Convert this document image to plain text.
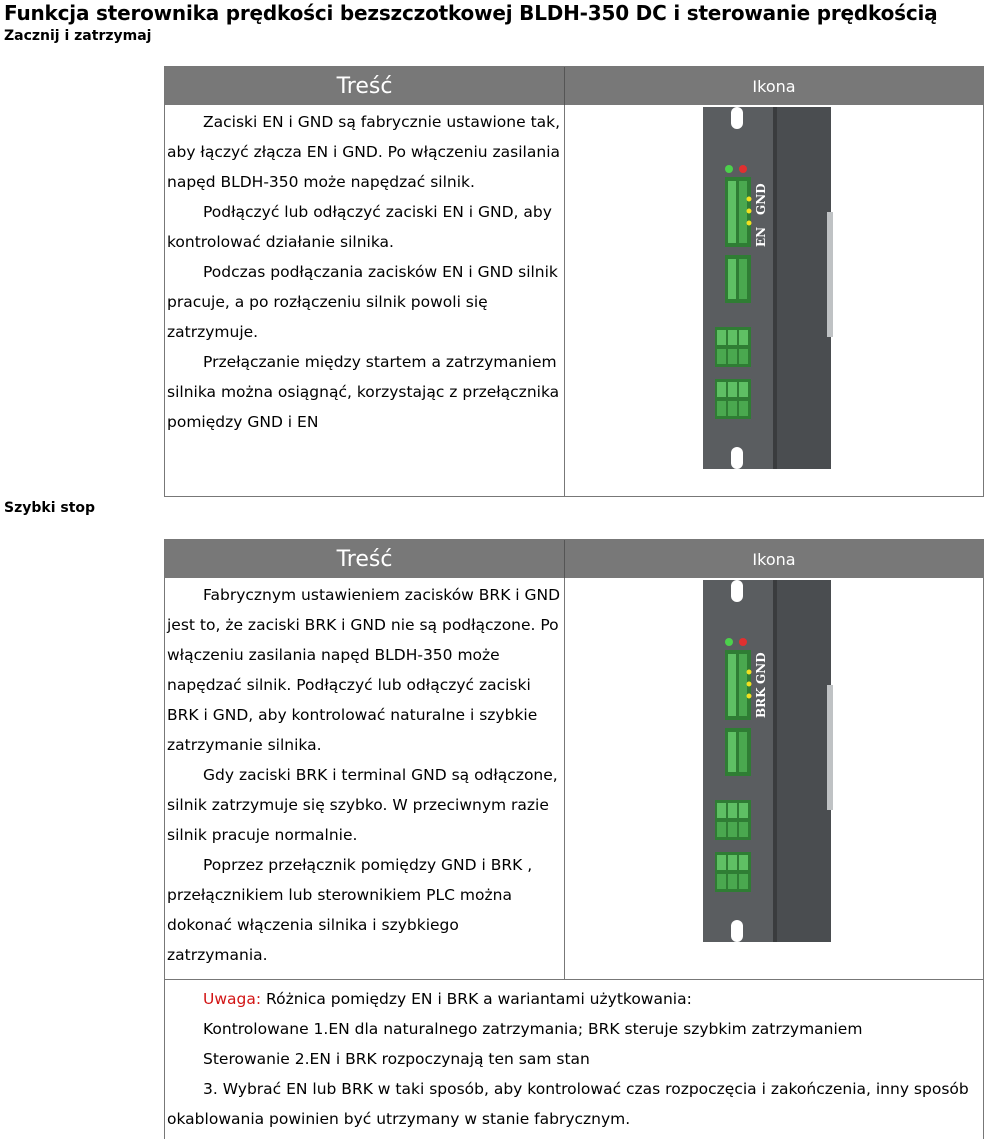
Funkcja sterownika prędkości bezszczotkowej BLDH-350 DC i sterowanie prędkością
Zacznij i zatrzymaj
Treść	Ikona

Zaciski EN i GND są fabrycznie ustawione tak, aby łączyć złącza EN i GND. Po włączeniu zasilania napęd BLDH-350 może napędzać silnik.

Podłączyć lub odłączyć zaciski EN i GND, aby kontrolować działanie silnika.

Podczas podłączania zacisków EN i GND silnik pracuje, a po rozłączeniu silnik powoli się zatrzymuje.

Przełączanie między startem a zatrzymaniem silnika można osiągnąć, korzystając z przełącznika pomiędzy GND i EN

GND
EN
Szybki stop
Treść	Ikona

Fabrycznym ustawieniem zacisków BRK i GND jest to, że zaciski BRK i GND nie są podłączone. Po włączeniu zasilania napęd BLDH-350 może napędzać silnik. Podłączyć lub odłączyć zaciski BRK i GND, aby kontrolować naturalne i szybkie zatrzymanie silnika.

Gdy zaciski BRK i terminal GND są odłączone, silnik zatrzymuje się szybko. W przeciwnym razie silnik pracuje normalnie.

Poprzez przełącznik pomiędzy GND i BRK , przełącznikiem lub sterownikiem PLC można dokonać włączenia silnika i szybkiego zatrzymania.

GND
BRK

Uwaga: Różnica pomiędzy EN i BRK a wariantami użytkowania:

Kontrolowane 1.EN dla naturalnego zatrzymania; BRK steruje szybkim zatrzymaniem

Sterowanie 2.EN i BRK rozpoczynają ten sam stan

3. Wybrać EN lub BRK w taki sposób, aby kontrolować czas rozpoczęcia i zakończenia, inny sposób okablowania powinien być utrzymany w stanie fabrycznym.
